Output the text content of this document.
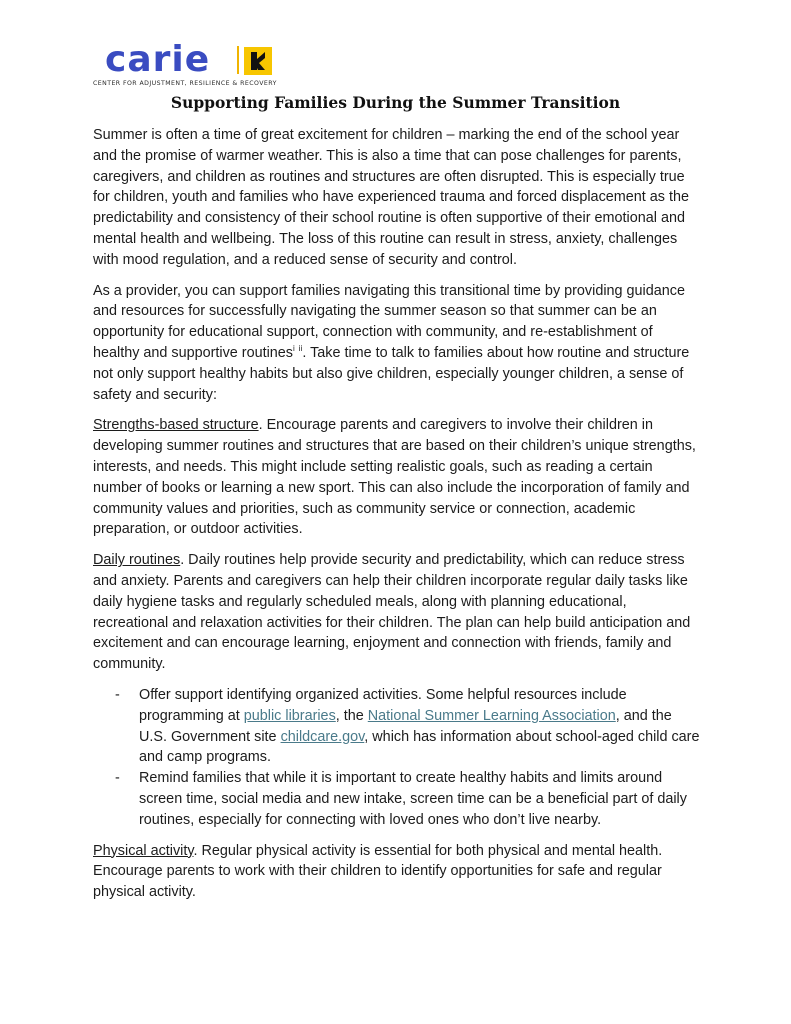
carie
CENTER FOR ADJUSTMENT, RESILIENCE & RECOVERY
Supporting Families During the Summer Transition

Summer is often a time of great excitement for children – marking the end of the school year and the promise of warmer weather. This is also a time that can pose challenges for parents, caregivers, and children as routines and structures are often disrupted. This is especially true for children, youth and families who have experienced trauma and forced displacement as the predictability and consistency of their school routine is often supportive of their emotional and mental health and wellbeing. The loss of this routine can result in stress, anxiety, challenges with mood regulation, and a reduced sense of security and control.

As a provider, you can support families navigating this transitional time by providing guidance and resources for successfully navigating the summer season so that summer can be an opportunity for educational support, connection with community, and re-establishment of healthy and supportive routines$^i$ $^{ii}$. Take time to talk to families about how routine and structure not only support healthy habits but also give children, especially younger children, a sense of safety and security:

Strengths-based structure. Encourage parents and caregivers to involve their children in developing summer routines and structures that are based on their children’s unique strengths, interests, and needs. This might include setting realistic goals, such as reading a certain number of books or learning a new sport. This can also include the incorporation of family and community values and priorities, such as community service or connection, academic preparation, or outdoor activities.

Daily routines. Daily routines help provide security and predictability, which can reduce stress and anxiety. Parents and caregivers can help their children incorporate regular daily tasks like daily hygiene tasks and regularly scheduled meals, along with planning educational, recreational and relaxation activities for their children. The plan can help build anticipation and excitement and can encourage learning, enjoyment and connection with friends, family and community.

- Offer support identifying organized activities. Some helpful resources include programming at public libraries, the National Summer Learning Association, and the U.S. Government site childcare.gov, which has information about school-aged child care and camp programs.
- Remind families that while it is important to create healthy habits and limits around screen time, social media and new intake, screen time can be a beneficial part of daily routines, especially for connecting with loved ones who don’t live nearby.

Physical activity. Regular physical activity is essential for both physical and mental health. Encourage parents to work with their children to identify opportunities for safe and regular physical activity.
